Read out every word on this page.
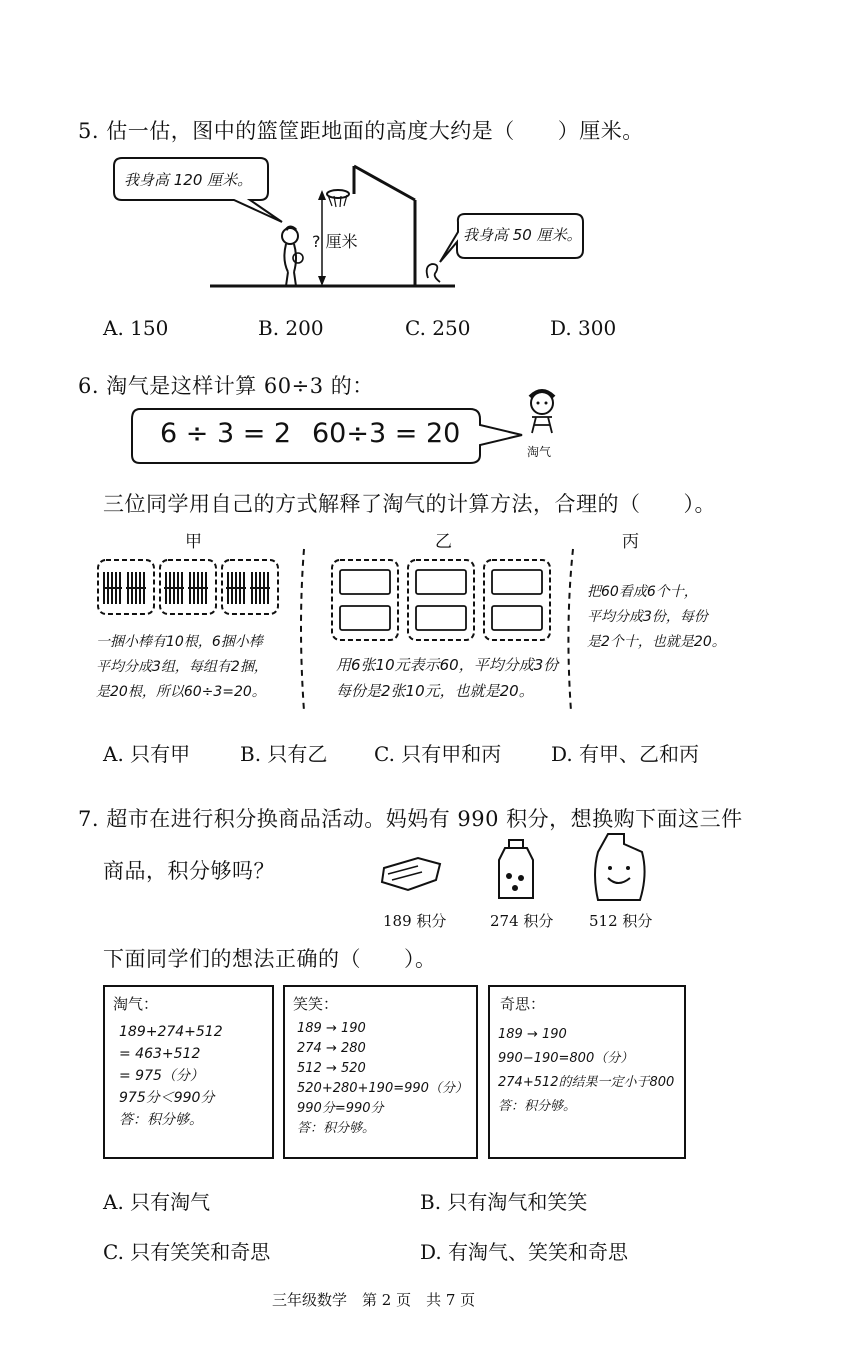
5. 估一估，图中的篮筐距地面的高度大约是（　　）厘米。
我身高 120 厘米。
我身高 50 厘米。
? 厘米
A. 150	B. 200	C. 250	D. 300
6. 淘气是这样计算 60÷3 的：
6 ÷ 3 = 2 60÷3 = 20
淘气
三位同学用自己的方式解释了淘气的计算方法，合理的（　　）。
甲	乙	丙
一捆小棒有10根，6捆小棒
平均分成3组，每组有2捆，
是20根，所以60÷3=20。
用6张10元表示60，平均分成3份
每份是2张10元，也就是20。
把60看成6个十，
平均分成3份，每份
是2个十，也就是20。
A. 只有甲 B. 只有乙 C. 只有甲和丙 D. 有甲、乙和丙
7. 超市在进行积分换商品活动。妈妈有 990 积分，想换购下面这三件
商品，积分够吗？
189 积分	274 积分 512 积分
下面同学们的想法正确的（　　）。
淘气：
189+274+512
= 463+512
= 975（分）
975分＜990分
答：积分够。
笑笑：
189 → 190
274 → 280
512 → 520
520+280+190=990（分）
990分=990分
答：积分够。
奇思：
189 → 190
990−190=800（分）
274+512的结果一定小于800
答：积分够。
A. 只有淘气	B. 只有淘气和笑笑
C. 只有笑笑和奇思	D. 有淘气、笑笑和奇思
三年级数学　第 2 页　共 7 页
